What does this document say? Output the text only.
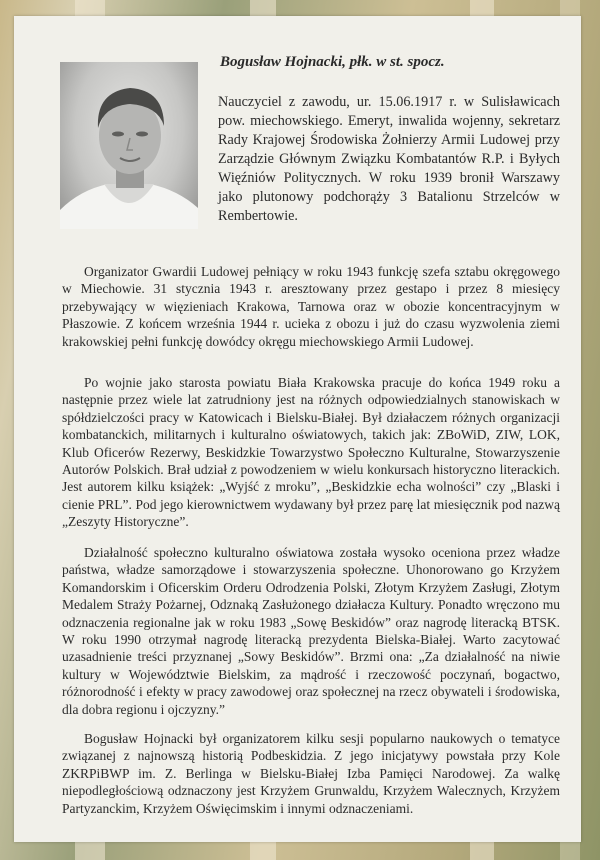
Bogusław Hojnacki, płk. w st. spocz.
Nauczyciel z zawodu, ur. 15.06.1917 r. w Sulisławicach pow. miechowskiego. Emeryt, inwalida wojenny, sekretarz Rady Krajowej Środowiska Żołnierzy Armii Ludowej przy Zarządzie Głównym Związku Kombatantów R.P. i Byłych Więźniów Politycznych. W roku 1939 bronił Warszawy jako plutonowy podchorąży 3 Batalionu Strzelców w Rembertowie.
Organizator Gwardii Ludowej pełniący w roku 1943 funkcję szefa sztabu okręgowego w Miechowie. 31 stycznia 1943 r. aresztowany przez gestapo i przez 8 miesięcy przebywający w więzieniach Krakowa, Tarnowa oraz w obozie koncentracyjnym w Płaszowie. Z końcem września 1944 r. ucieka z obozu i już do czasu wyzwolenia ziemi krakowskiej pełni funkcję dowódcy okręgu miechowskiego Armii Ludowej.
Po wojnie jako starosta powiatu Biała Krakowska pracuje do końca 1949 roku a następnie przez wiele lat zatrudniony jest na różnych odpowiedzialnych stanowiskach w spółdzielczości pracy w Katowicach i Bielsku-Białej. Był działaczem różnych organizacji kombatanckich, militarnych i kulturalno oświatowych, takich jak: ZBoWiD, ZIW, LOK, Klub Oficerów Rezerwy, Beskidzkie Towarzystwo Społeczno Kulturalne, Stowarzyszenie Autorów Polskich. Brał udział z powodzeniem w wielu konkursach historyczno literackich. Jest autorem kilku książek: „Wyjść z mroku”, „Beskidzkie echa wolności” czy „Blaski i cienie PRL”. Pod jego kierownictwem wydawany był przez parę lat miesięcznik pod nazwą „Zeszyty Historyczne”.
Działalność społeczno kulturalno oświatowa została wysoko oceniona przez władze państwa, władze samorządowe i stowarzyszenia społeczne. Uhonorowano go Krzyżem Komandorskim i Oficerskim Orderu Odrodzenia Polski, Złotym Krzyżem Zasługi, Złotym Medalem Straży Pożarnej, Odznaką Zasłużonego działacza Kultury. Ponadto wręczono mu odznaczenia regionalne jak w roku 1983 „Sowę Beskidów” oraz nagrodę literacką BTSK. W roku 1990 otrzymał nagrodę literacką prezydenta Bielska-Białej. Warto zacytować uzasadnienie treści przyznanej „Sowy Beskidów”. Brzmi ona: „Za działalność na niwie kultury w Województwie Bielskim, za mądrość i rzeczowość poczynań, bogactwo, różnorodność i efekty w pracy zawodowej oraz społecznej na rzecz obywateli i środowiska, dla dobra regionu i ojczyzny.”
Bogusław Hojnacki był organizatorem kilku sesji popularno naukowych o tematyce związanej z najnowszą historią Podbeskidzia. Z jego inicjatywy powstała przy Kole ZKRPiBWP im. Z. Berlinga w Bielsku-Białej Izba Pamięci Narodowej. Za walkę niepodległościową odznaczony jest Krzyżem Grunwaldu, Krzyżem Walecznych, Krzyżem Partyzanckim, Krzyżem Oświęcimskim i innymi odznaczeniami.
